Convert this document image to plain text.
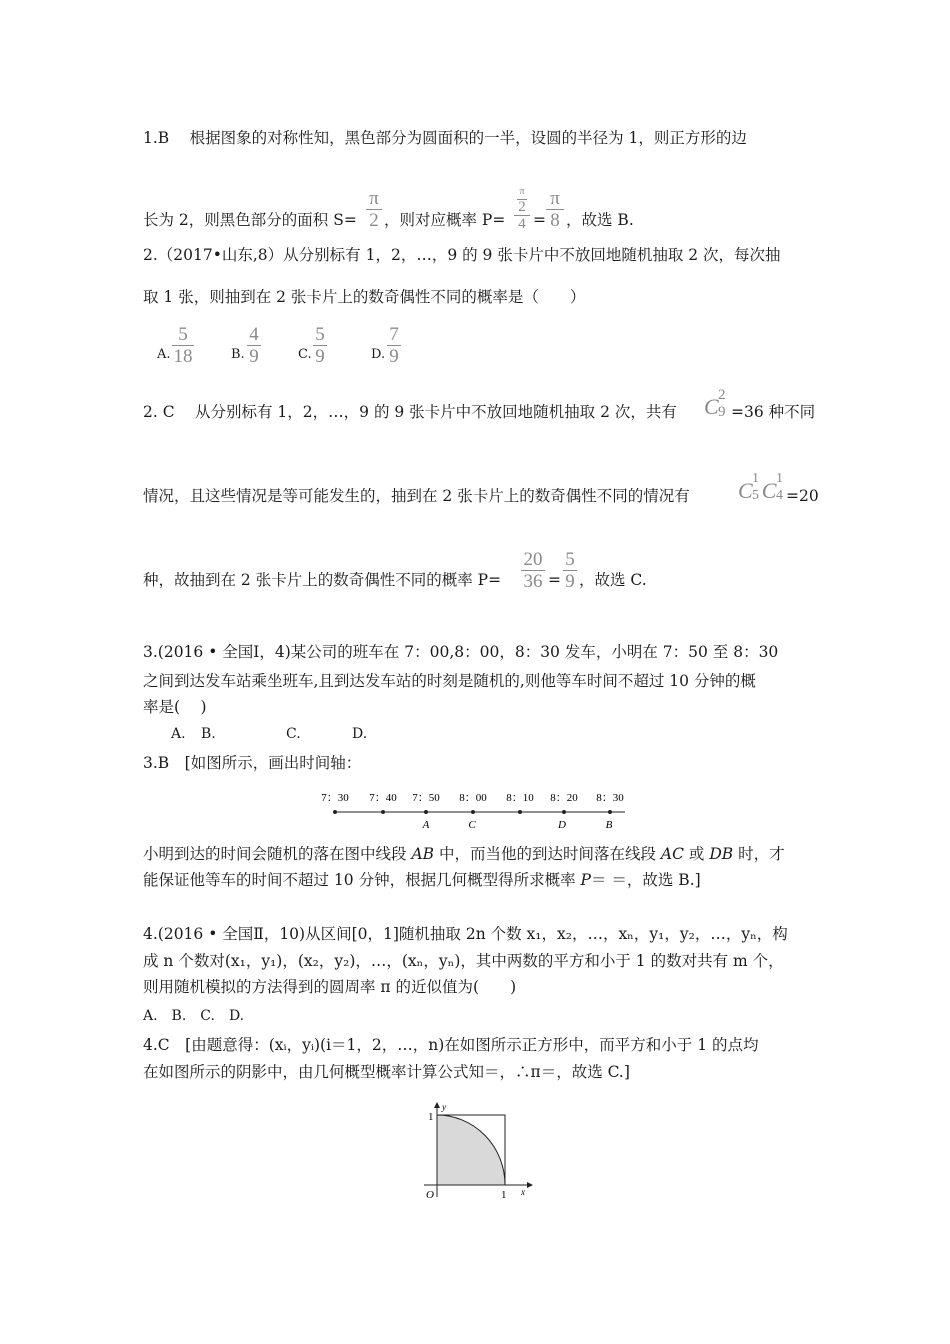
1.B　 根据图象的对称性知，黑色部分为圆面积的一半，设圆的半径为 1，则正方形的边
长为 2，则黑色部分的面积 S=
π
2 ，则对应概率 P=
π
2
4 =
π
8 ，故选 B.
2.（2017•山东,8）从分别标有 1，2，…，9 的 9 张卡片中不放回地随机抽取 2 次，每次抽
取 1 张，则抽到在 2 张卡片上的数奇偶性不同的概率是（　　）
A.
5
18	B.
4
9	C.
5
9	D.
7
9
2. C　 从分别标有 1，2，…，9 的 9 张卡片中不放回地随机抽取 2 次，共有 C 2
9 =36 种不同
情况，且这些情况是等可能发生的，抽到在 2 张卡片上的数奇偶性不同的情况有 C 1
5 C 1
4 =20
种，故抽到在 2 张卡片上的数奇偶性不同的概率 P=
20
36 =
5
9 ，故选 C.
3.(2016 • 全国Ⅰ，4)某公司的班车在 7：00,8：00，8：30 发车，小明在 7：50 至 8：30
之间到达发车站乘坐班车,且到达发车站的时刻是随机的,则他等车时间不超过 10 分钟的概
率是(　 )
A. B.	C.	D.
3.B　[如图所示，画出时间轴：
7：30 7：40 7：50 8：00 8：10 8：20 8：30
A	C	D	B
小明到达的时间会随机的落在图中线段 AB 中，而当他的到达时间落在线段 AC 或 DB 时，才
能保证他等车的时间不超过 10 分钟，根据几何概型得所求概率 P＝ ＝，故选 B.]
4.(2016 • 全国Ⅱ，10)从区间[0，1]随机抽取 2n 个数 x₁，x₂，…，xₙ，y₁，y₂，…，yₙ，构
成 n 个数对(x₁，y₁)，(x₂，y₂)，…，(xₙ，yₙ)，其中两数的平方和小于 1 的数对共有 m 个，
则用随机模拟的方法得到的圆周率 π 的近似值为(　　)
A.　B.　C.　D.
4.C　[由题意得：(xᵢ，yᵢ)(i＝1，2，…，n)在如图所示正方形中，而平方和小于 1 的点均
在如图所示的阴影中，由几何概型概率计算公式知＝，∴π＝，故选 C.]
y
x
1
1
O
